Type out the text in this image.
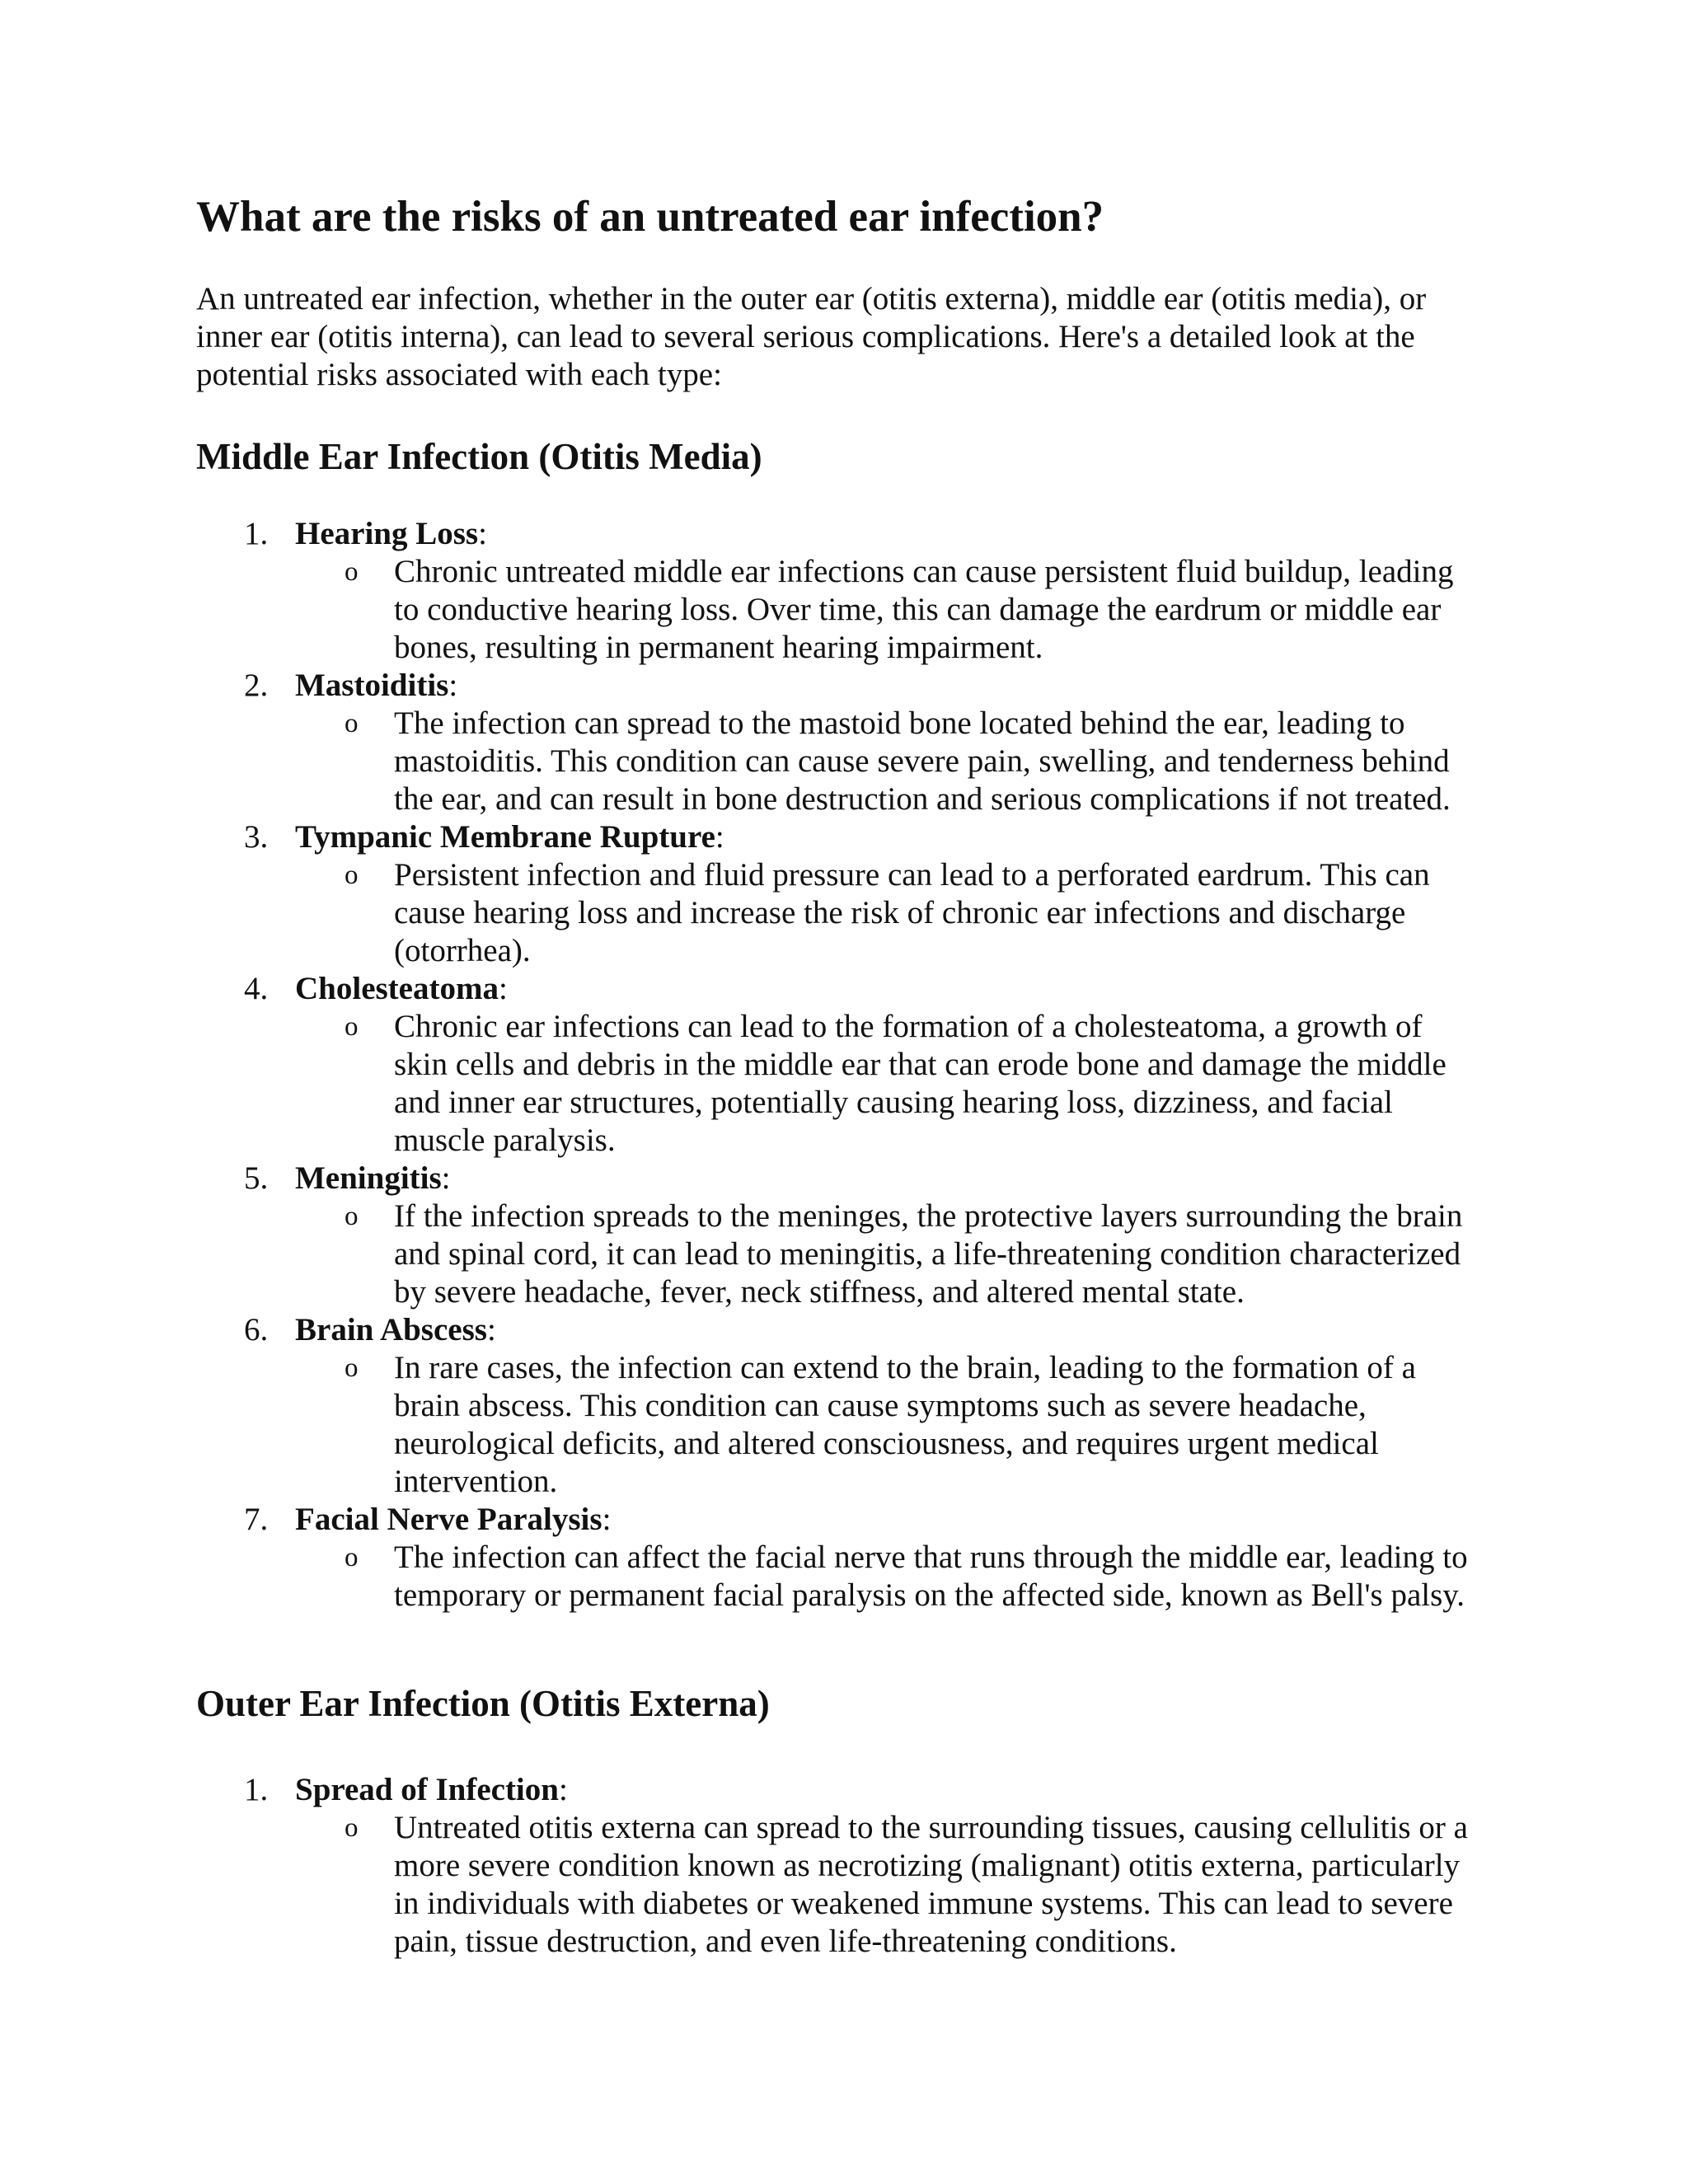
What are the risks of an untreated ear infection?

An untreated ear infection, whether in the outer ear (otitis externa), middle ear (otitis media), or inner ear (otitis interna), can lead to several serious complications. Here's a detailed look at the potential risks associated with each type:

Middle Ear Infection (Otitis Media)
1. Hearing Loss:
o Chronic untreated middle ear infections can cause persistent fluid buildup, leading to conductive hearing loss. Over time, this can damage the eardrum or middle ear bones, resulting in permanent hearing impairment.
2. Mastoiditis:
o The infection can spread to the mastoid bone located behind the ear, leading to mastoiditis. This condition can cause severe pain, swelling, and tenderness behind the ear, and can result in bone destruction and serious complications if not treated.
3. Tympanic Membrane Rupture:
o Persistent infection and fluid pressure can lead to a perforated eardrum. This can cause hearing loss and increase the risk of chronic ear infections and discharge (otorrhea).
4. Cholesteatoma:
o Chronic ear infections can lead to the formation of a cholesteatoma, a growth of skin cells and debris in the middle ear that can erode bone and damage the middle and inner ear structures, potentially causing hearing loss, dizziness, and facial muscle paralysis.
5. Meningitis:
o If the infection spreads to the meninges, the protective layers surrounding the brain and spinal cord, it can lead to meningitis, a life-threatening condition characterized by severe headache, fever, neck stiffness, and altered mental state.
6. Brain Abscess:
o In rare cases, the infection can extend to the brain, leading to the formation of a brain abscess. This condition can cause symptoms such as severe headache, neurological deficits, and altered consciousness, and requires urgent medical intervention.
7. Facial Nerve Paralysis:
o The infection can affect the facial nerve that runs through the middle ear, leading to temporary or permanent facial paralysis on the affected side, known as Bell's palsy.
Outer Ear Infection (Otitis Externa)
1. Spread of Infection:
o Untreated otitis externa can spread to the surrounding tissues, causing cellulitis or a more severe condition known as necrotizing (malignant) otitis externa, particularly in individuals with diabetes or weakened immune systems. This can lead to severe pain, tissue destruction, and even life-threatening conditions.
